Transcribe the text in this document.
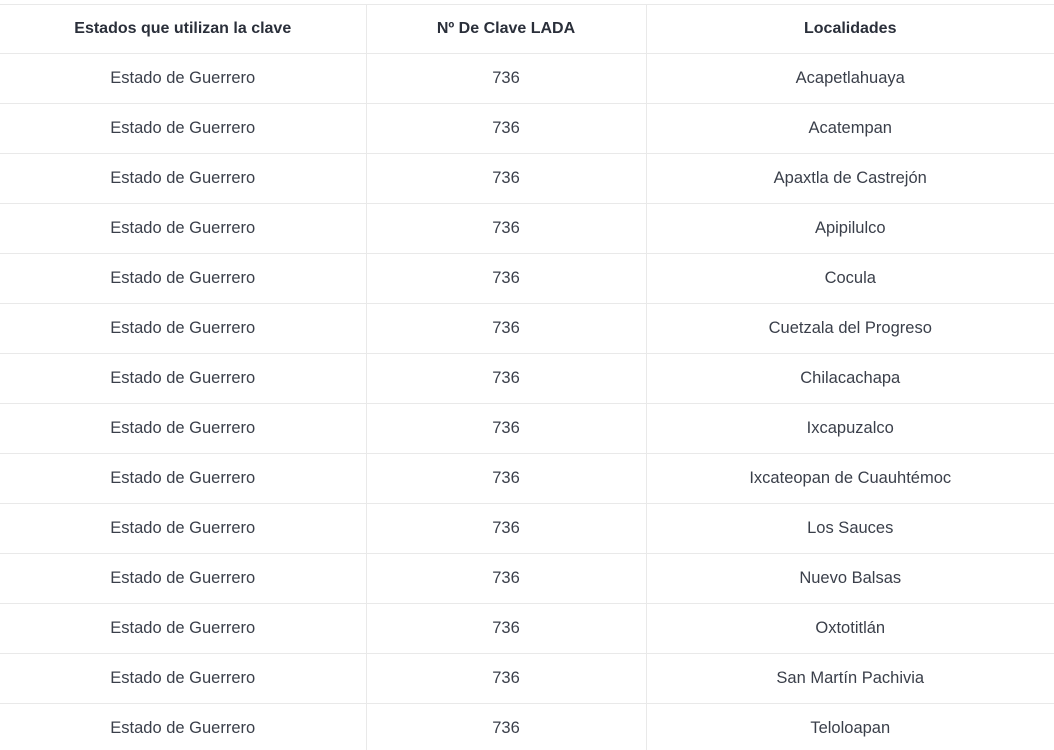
Estados que utilizan la clave	Nº De Clave LADA	Localidades
Estado de Guerrero	736	Acapetlahuaya
Estado de Guerrero	736	Acatempan
Estado de Guerrero	736	Apaxtla de Castrejón
Estado de Guerrero	736	Apipilulco
Estado de Guerrero	736	Cocula
Estado de Guerrero	736	Cuetzala del Progreso
Estado de Guerrero	736	Chilacachapa
Estado de Guerrero	736	Ixcapuzalco
Estado de Guerrero	736	Ixcateopan de Cuauhtémoc
Estado de Guerrero	736	Los Sauces
Estado de Guerrero	736	Nuevo Balsas
Estado de Guerrero	736	Oxtotitlán
Estado de Guerrero	736	San Martín Pachivia
Estado de Guerrero	736	Teloloapan
